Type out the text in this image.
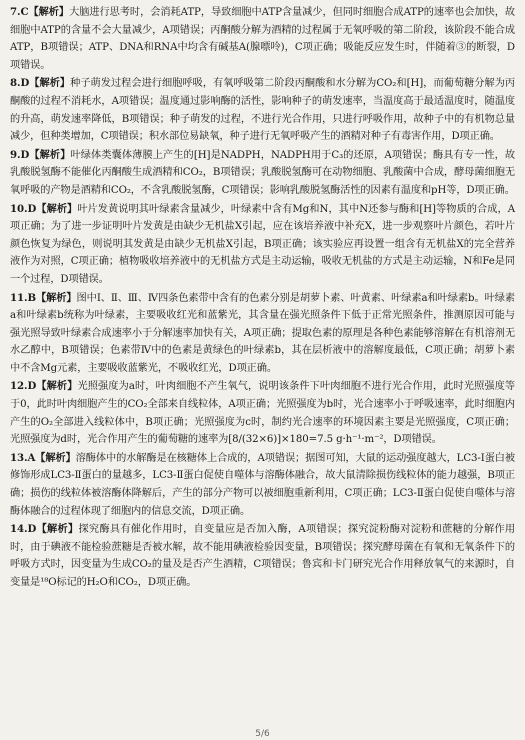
7.C【解析】大脑进行思考时，会消耗ATP，导致细胞中ATP含量减少，但同时细胞合成ATP的速率也会加快，故细胞中ATP的含量不会大量减少，A项错误；丙酮酸分解为酒精的过程属于无氧呼吸的第二阶段，该阶段不能合成ATP，B项错误；ATP、DNA和RNA中均含有碱基A(腺嘌呤)，C项正确；吸能反应发生时，伴随着③的断裂，D项错误。
8.D【解析】种子萌发过程会进行细胞呼吸，有氧呼吸第二阶段丙酮酸和水分解为CO₂和[H]，而葡萄糖分解为丙酮酸的过程不消耗水，A项错误；温度通过影响酶的活性，影响种子的萌发速率，当温度高于最适温度时，随温度的升高，萌发速率降低，B项错误；种子萌发的过程，不进行光合作用，只进行呼吸作用，故种子中的有机物总量减少，但种类增加，C项错误；积水部位易缺氧，种子进行无氧呼吸产生的酒精对种子有毒害作用，D项正确。
9.D【解析】叶绿体类囊体薄膜上产生的[H]是NADPH，NADPH用于C₃的还原，A项错误；酶具有专一性，故乳酸脱氢酶不能催化丙酮酸生成酒精和CO₂，B项错误；乳酸脱氢酶可在动物细胞、乳酸菌中合成，酵母菌细胞无氧呼吸的产物是酒精和CO₂，不含乳酸脱氢酶，C项错误；影响乳酸脱氢酶活性的因素有温度和pH等，D项正确。
10.D【解析】叶片发黄说明其叶绿素含量减少，叶绿素中含有Mg和N，其中N还参与酶和[H]等物质的合成，A项正确；为了进一步证明叶片发黄是由缺少无机盐X引起，应在该培养液中补充X，进一步观察叶片颜色，若叶片颜色恢复为绿色，则说明其发黄是由缺少无机盐X引起，B项正确；该实验应再设置一组含有无机盐X的完全营养液作为对照，C项正确；植物吸收培养液中的无机盐方式是主动运输，吸收无机盐的方式是主动运输，N和Fe是同一个过程，D项错误。
11.B【解析】图中Ⅰ、Ⅱ、Ⅲ、Ⅳ四条色素带中含有的色素分别是胡萝卜素、叶黄素、叶绿素a和叶绿素b。叶绿素a和叶绿素b统称为叶绿素，主要吸收红光和蓝紫光，其含量在强光照条件下低于正常光照条件，推测原因可能与强光照导致叶绿素合成速率小于分解速率加快有关，A项正确；提取色素的原理是各种色素能够溶解在有机溶剂无水乙醇中，B项错误；色素带Ⅳ中的色素是黄绿色的叶绿素b，其在层析液中的溶解度最低，C项正确；胡萝卜素中不含Mg元素，主要吸收蓝紫光，不吸收红光，D项正确。
12.D【解析】光照强度为a时，叶肉细胞不产生氧气，说明该条件下叶肉细胞不进行光合作用，此时光照强度等于0，此时叶肉细胞产生的CO₂全部来自线粒体，A项正确；光照强度为b时，光合速率小于呼吸速率，此时细胞内产生的O₂全部进入线粒体中，B项正确；光照强度为c时，制约光合速率的环境因素主要是光照强度，C项正确；光照强度为d时，光合作用产生的葡萄糖的速率为[8/(32×6)]×180=7.5 g·h⁻¹·m⁻²，D项错误。
13.A【解析】溶酶体中的水解酶是在核糖体上合成的，A项错误；据图可知，大鼠的运动强度越大，LC3-Ⅰ蛋白被修饰形成LC3-Ⅱ蛋白的量越多，LC3-Ⅱ蛋白促使自噬体与溶酶体融合，故大鼠清除损伤线粒体的能力越强，B项正确；损伤的线粒体被溶酶体降解后，产生的部分产物可以被细胞重新利用，C项正确；LC3-Ⅱ蛋白促使自噬体与溶酶体融合的过程体现了细胞内的信息交流，D项正确。
14.D【解析】探究酶具有催化作用时，自变量应是否加入酶，A项错误；探究淀粉酶对淀粉和蔗糖的分解作用时，由于碘液不能检验蔗糖是否被水解，故不能用碘液检验因变量，B项错误；探究酵母菌在有氧和无氧条件下的呼吸方式时，因变量为生成CO₂的量及是否产生酒精，C项错误；鲁宾和卡门研究光合作用释放氧气的来源时，自变量是¹⁸O标记的H₂O和CO₂，D项正确。
5/6
